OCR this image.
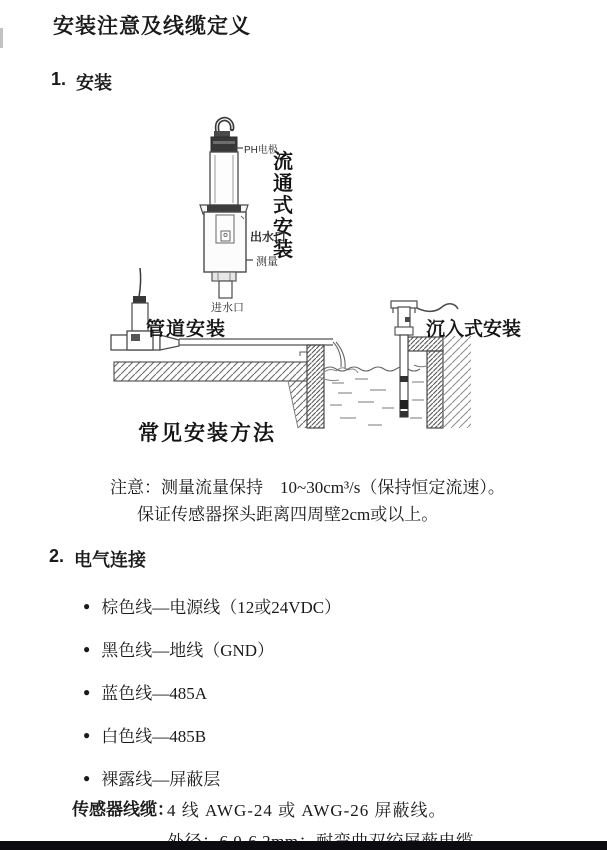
安装注意及线缆定义
1. 安装
流通式安装
PH电极
出水口
测量
进水口
管道安装	沉入式安装
常见安装方法

注意：测量流量保持　10~30cm³/s（保持恒定流速）。

保证传感器探头距离四周壁2cm或以上。
2. 电气连接
● 棕色线—电源线（12或24VDC）
● 黑色线—地线（GND）
● 蓝色线—485A
● 白色线—485B
● 裸露线—屏蔽层
传感器线缆：
4 线 AWG-24 或 AWG-26 屏蔽线。
